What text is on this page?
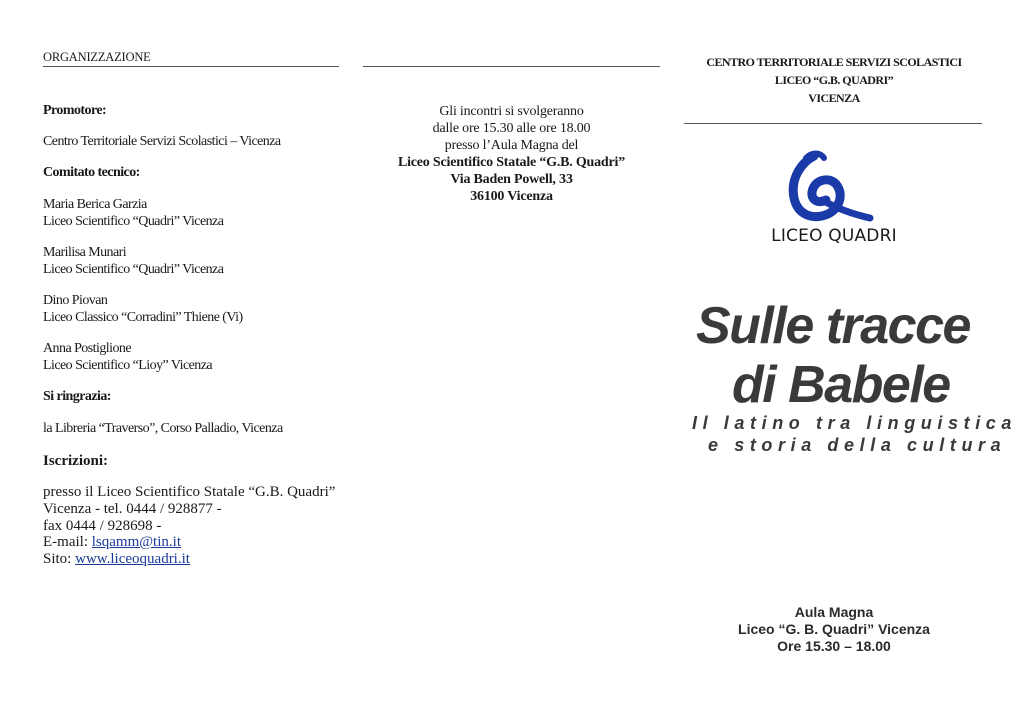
ORGANIZZAZIONE
Promotore:
Centro Territoriale Servizi Scolastici – Vicenza
Comitato tecnico:
Maria Berica Garzia
Liceo Scientifico “Quadri” Vicenza
Marilisa Munari
Liceo Scientifico “Quadri” Vicenza
Dino Piovan
Liceo Classico “Corradini” Thiene (Vi)
Anna Postiglione
Liceo Scientifico “Lioy” Vicenza
Si ringrazia:
la Libreria “Traverso”, Corso Palladio, Vicenza
Iscrizioni:
presso il Liceo Scientifico Statale “G.B. Quadri”
Vicenza - tel. 0444 / 928877 -
fax 0444 / 928698 -
E-mail: lsqamm@tin.it
Sito: www.liceoquadri.it
Gli incontri si svolgeranno
dalle ore 15.30 alle ore 18.00
presso l’Aula Magna del
Liceo Scientifico Statale “G.B. Quadri”
Via Baden Powell, 33
36100 Vicenza
CENTRO TERRITORIALE SERVIZI SCOLASTICI
LICEO “G.B. QUADRI”
VICENZA
LICEO QUADRI
Sulle tracce
di Babele
Il latino tra linguistica
e storia della cultura
Aula Magna
Liceo “G. B. Quadri” Vicenza
Ore 15.30 – 18.00
